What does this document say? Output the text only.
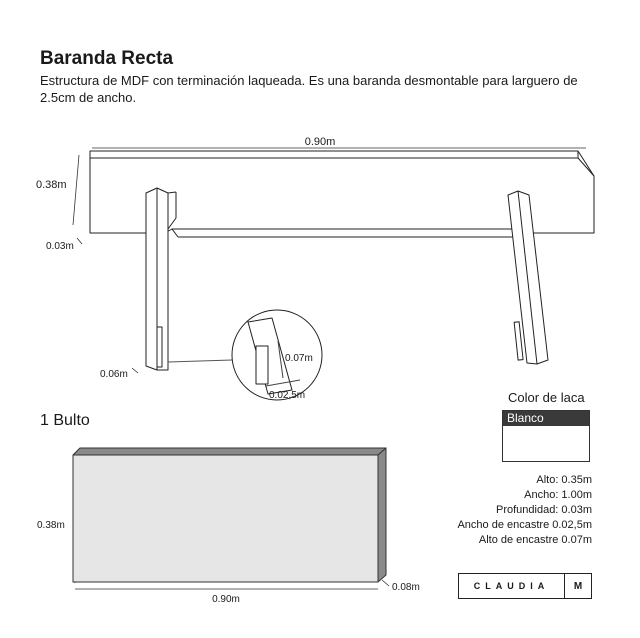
Baranda Recta
Estructura de MDF con terminación laqueada. Es una baranda desmontable para larguero de 2.5cm de ancho.
0.90m
0.38m
0.03m
0.06m
0.07m
0.02,5m
0.38m
0.90m
0.08m
1 Bulto
Color de laca
Blanco
Alto: 0.35m
Ancho: 1.00m
Profundidad: 0.03m
Ancho de encastre 0.02,5m
Alto de encastre 0.07m
CLAUDIA	M
